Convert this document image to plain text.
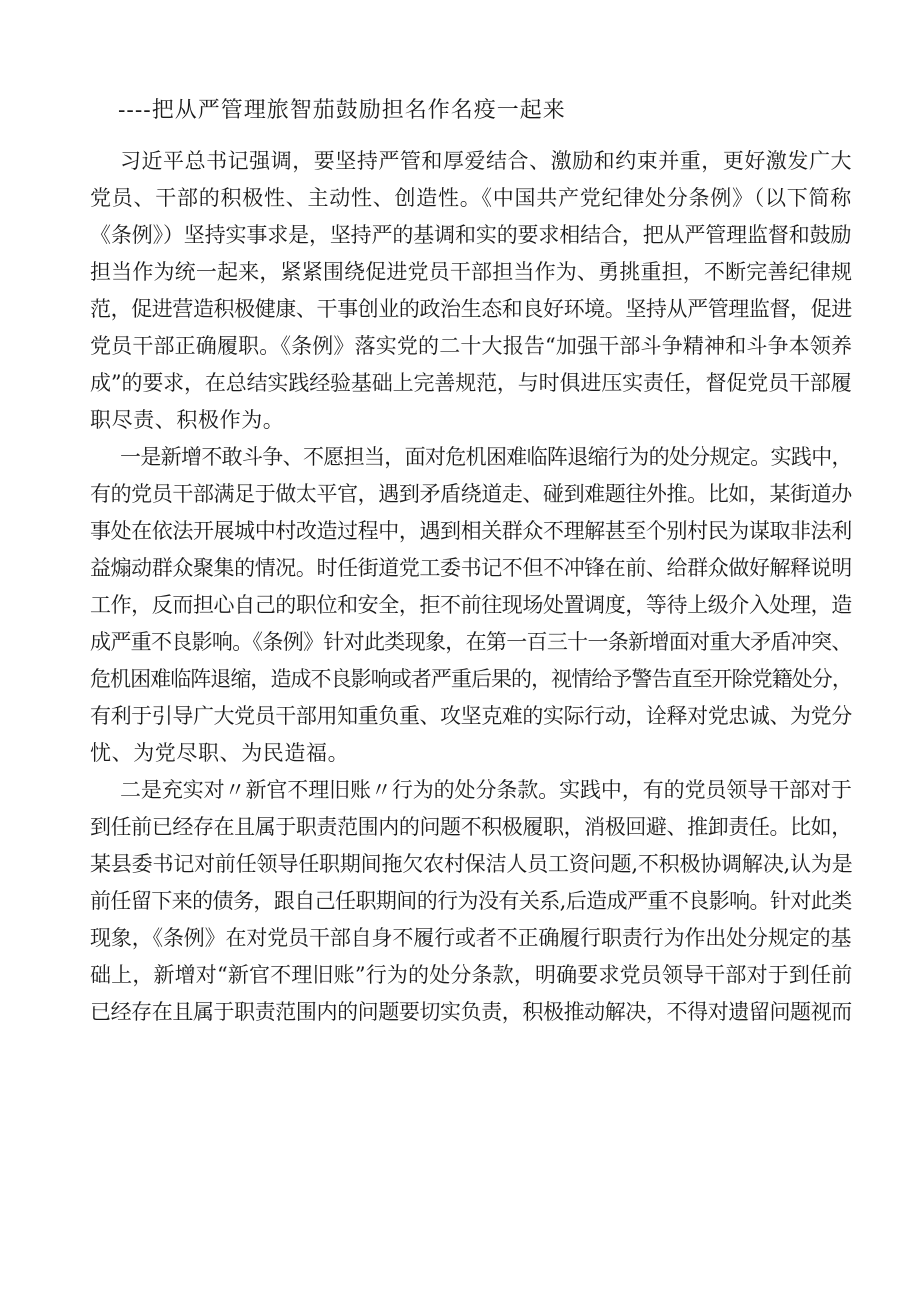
----把从严管理旅智茄鼓励担名作名疫一起来
习近平总书记强调，要坚持严管和厚爱结合、激励和约束并重，更好激发广大
党员、干部的积极性、主动性、创造性。《中国共产党纪律处分条例》（以下简称
《条例》）坚持实事求是，坚持严的基调和实的要求相结合，把从严管理监督和鼓励
担当作为统一起来，紧紧围绕促进党员干部担当作为、勇挑重担，不断完善纪律规
范，促进营造积极健康、干事创业的政治生态和良好环境。坚持从严管理监督，促进
党员干部正确履职。《条例》落实党的二十大报告“加强干部斗争精神和斗争本领养
成”的要求，在总结实践经验基础上完善规范，与时俱进压实责任，督促党员干部履
职尽责、积极作为。
一是新增不敢斗争、不愿担当，面对危机困难临阵退缩行为的处分规定。实践中，
有的党员干部满足于做太平官，遇到矛盾绕道走、碰到难题往外推。比如，某街道办
事处在依法开展城中村改造过程中，遇到相关群众不理解甚至个别村民为谋取非法利
益煽动群众聚集的情况。时任街道党工委书记不但不冲锋在前、给群众做好解释说明
工作，反而担心自己的职位和安全，拒不前往现场处置调度，等待上级介入处理，造
成严重不良影响。《条例》针对此类现象，在第一百三十一条新增面对重大矛盾冲突、
危机困难临阵退缩，造成不良影响或者严重后果的，视情给予警告直至开除党籍处分，
有利于引导广大党员干部用知重负重、攻坚克难的实际行动，诠释对党忠诚、为党分
忧、为党尽职、为民造福。
二是充实对〃新官不理旧账〃行为的处分条款。实践中，有的党员领导干部对于
到任前已经存在且属于职责范围内的问题不积极履职，消极回避、推卸责任。比如，
某县委书记对前任领导任职期间拖欠农村保洁人员工资问题,不积极协调解决,认为是
前任留下来的债务，跟自己任职期间的行为没有关系,后造成严重不良影响。针对此类
现象，《条例》在对党员干部自身不履行或者不正确履行职责行为作出处分规定的基
础上，新增对“新官不理旧账”行为的处分条款，明确要求党员领导干部对于到任前
已经存在且属于职责范围内的问题要切实负责，积极推动解决，不得对遗留问题视而
